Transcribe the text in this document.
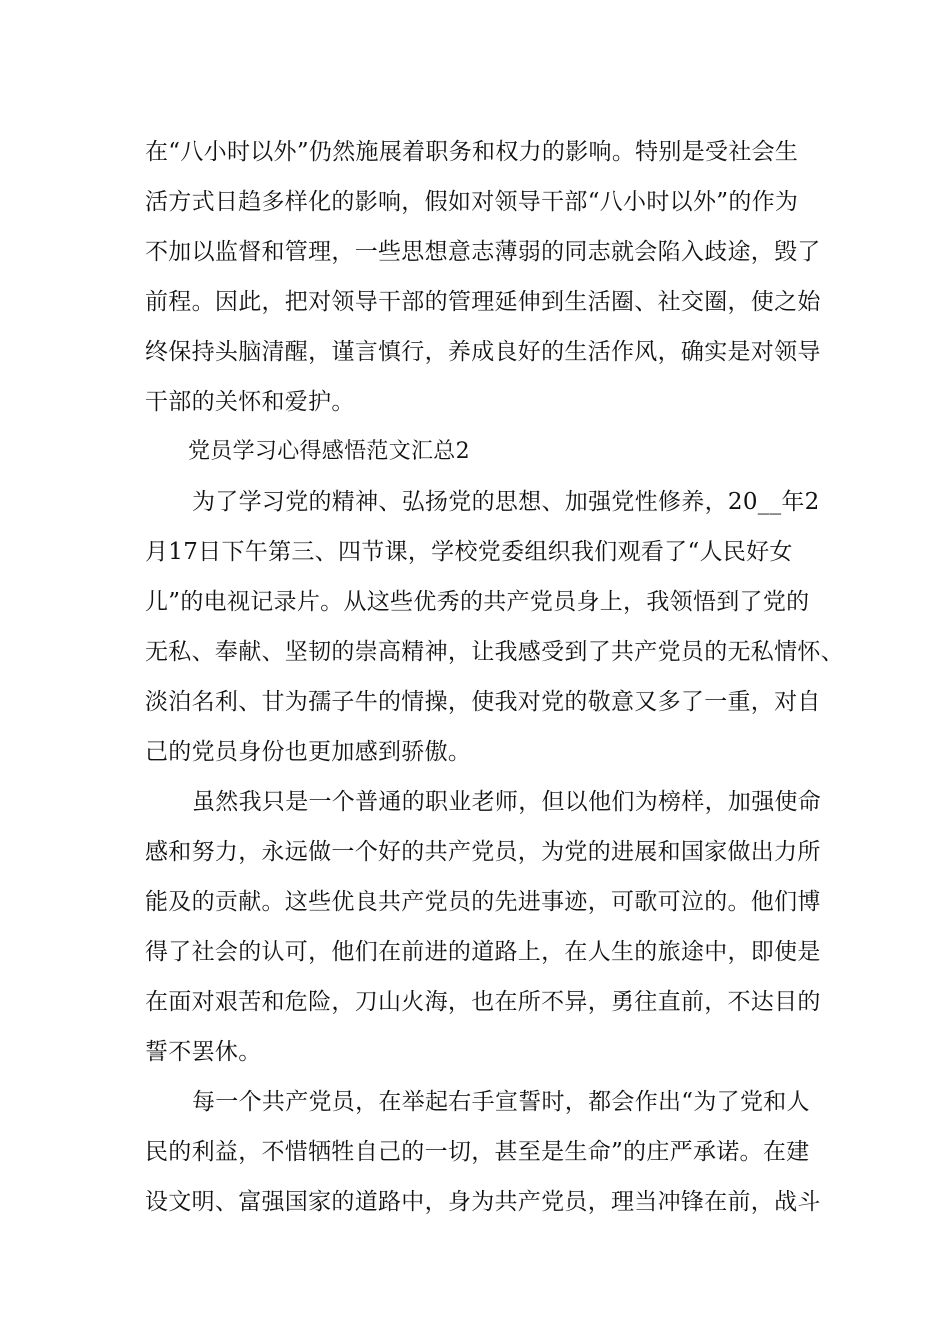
在“八小时以外”仍然施展着职务和权力的影响。特别是受社会生
活方式日趋多样化的影响，假如对领导干部“八小时以外”的作为
不加以监督和管理，一些思想意志薄弱的同志就会陷入歧途，毁了
前程。因此，把对领导干部的管理延伸到生活圈、社交圈，使之始
终保持头脑清醒，谨言慎行，养成良好的生活作风，确实是对领导
干部的关怀和爱护。
党员学习心得感悟范文汇总2
为了学习党的精神、弘扬党的思想、加强党性修养，20__年2
月17日下午第三、四节课，学校党委组织我们观看了“人民好女
儿”的电视记录片。从这些优秀的共产党员身上，我领悟到了党的
无私、奉献、坚韧的崇高精神，让我感受到了共产党员的无私情怀、
淡泊名利、甘为孺子牛的情操，使我对党的敬意又多了一重，对自
己的党员身份也更加感到骄傲。
虽然我只是一个普通的职业老师，但以他们为榜样，加强使命
感和努力，永远做一个好的共产党员，为党的进展和国家做出力所
能及的贡献。这些优良共产党员的先进事迹，可歌可泣的。他们博
得了社会的认可，他们在前进的道路上，在人生的旅途中，即使是
在面对艰苦和危险，刀山火海，也在所不异，勇往直前，不达目的
誓不罢休。
每一个共产党员，在举起右手宣誓时，都会作出“为了党和人
民的利益，不惜牺牲自己的一切，甚至是生命”的庄严承诺。在建
设文明、富强国家的道路中，身为共产党员，理当冲锋在前，战斗
